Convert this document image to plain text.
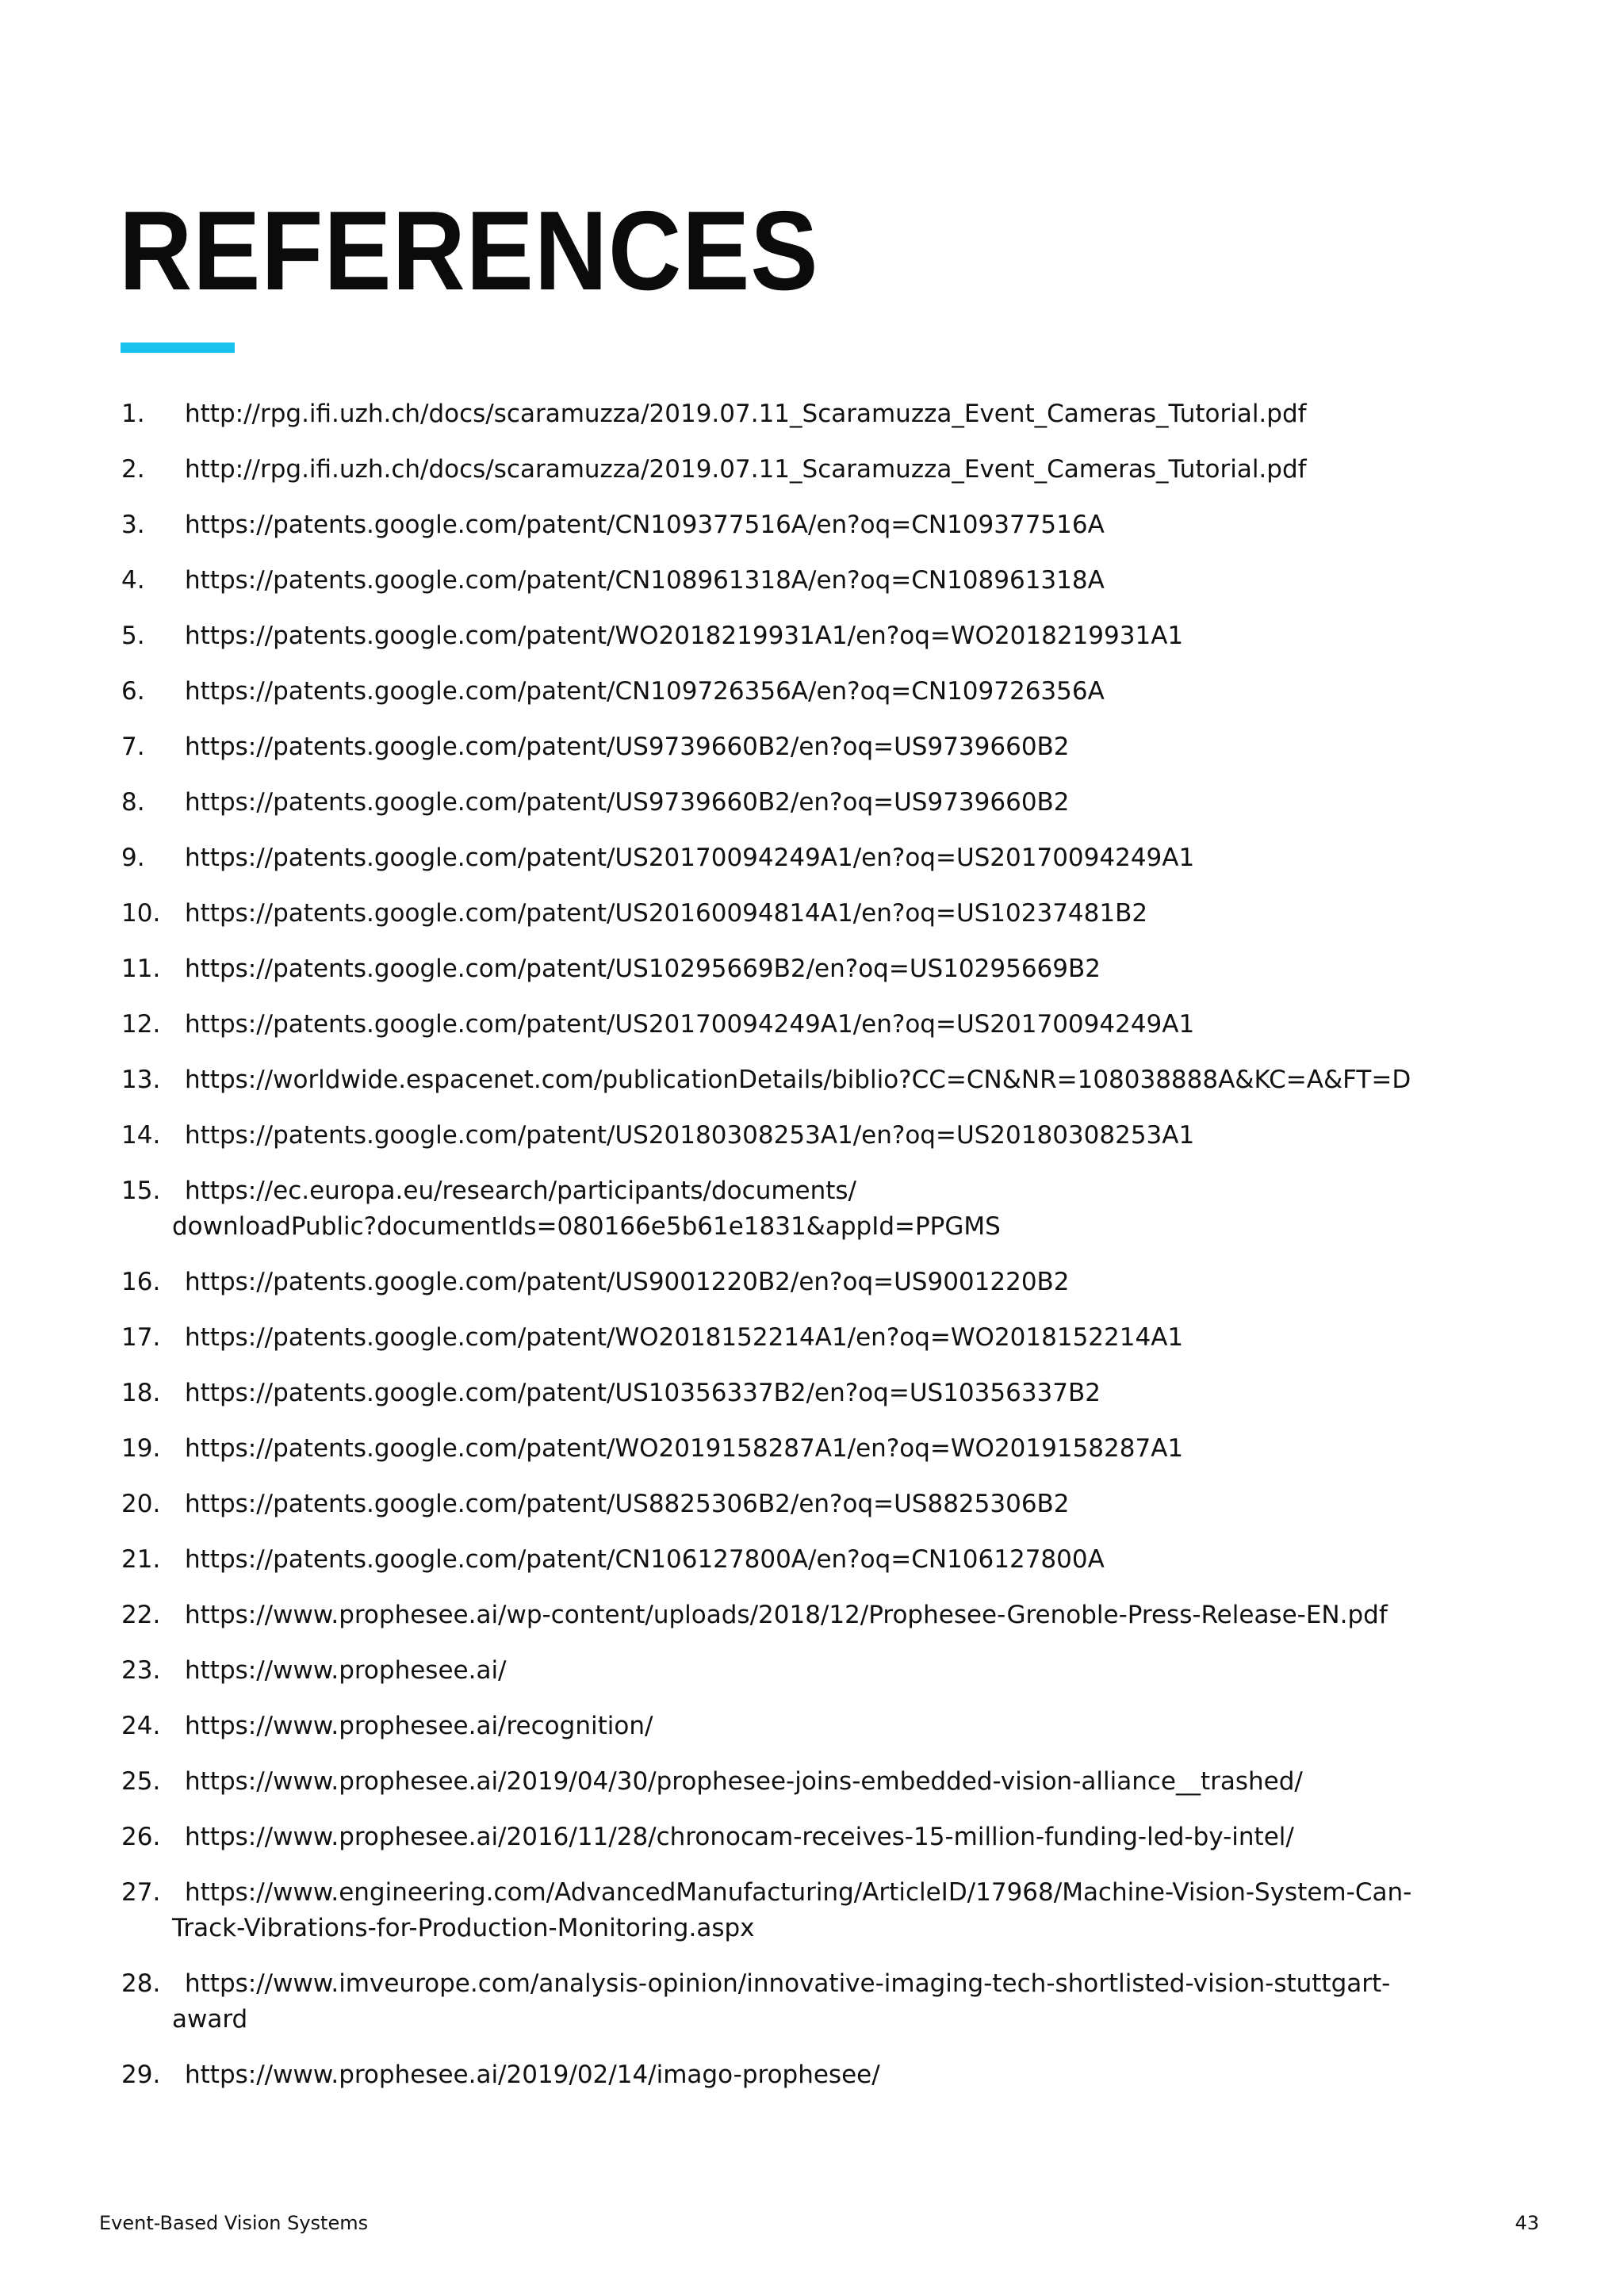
REFERENCES
1. http://rpg.ifi.uzh.ch/docs/scaramuzza/2019.07.11_Scaramuzza_Event_Cameras_Tutorial.pdf
2. http://rpg.ifi.uzh.ch/docs/scaramuzza/2019.07.11_Scaramuzza_Event_Cameras_Tutorial.pdf
3. https://patents.google.com/patent/CN109377516A/en?oq=CN109377516A
4. https://patents.google.com/patent/CN108961318A/en?oq=CN108961318A
5. https://patents.google.com/patent/WO2018219931A1/en?oq=WO2018219931A1
6. https://patents.google.com/patent/CN109726356A/en?oq=CN109726356A
7. https://patents.google.com/patent/US9739660B2/en?oq=US9739660B2
8. https://patents.google.com/patent/US9739660B2/en?oq=US9739660B2
9. https://patents.google.com/patent/US20170094249A1/en?oq=US20170094249A1
10. https://patents.google.com/patent/US20160094814A1/en?oq=US10237481B2
11. https://patents.google.com/patent/US10295669B2/en?oq=US10295669B2
12. https://patents.google.com/patent/US20170094249A1/en?oq=US20170094249A1
13. https://worldwide.espacenet.com/publicationDetails/biblio?CC=CN&NR=108038888A&KC=A&FT=D
14. https://patents.google.com/patent/US20180308253A1/en?oq=US20180308253A1
15. https://ec.europa.eu/research/participants/documents/
downloadPublic?documentIds=080166e5b61e1831&appId=PPGMS
16. https://patents.google.com/patent/US9001220B2/en?oq=US9001220B2
17. https://patents.google.com/patent/WO2018152214A1/en?oq=WO2018152214A1
18. https://patents.google.com/patent/US10356337B2/en?oq=US10356337B2
19. https://patents.google.com/patent/WO2019158287A1/en?oq=WO2019158287A1
20. https://patents.google.com/patent/US8825306B2/en?oq=US8825306B2
21. https://patents.google.com/patent/CN106127800A/en?oq=CN106127800A
22. https://www.prophesee.ai/wp-content/uploads/2018/12/Prophesee-Grenoble-Press-Release-EN.pdf
23. https://www.prophesee.ai/
24. https://www.prophesee.ai/recognition/
25. https://www.prophesee.ai/2019/04/30/prophesee-joins-embedded-vision-alliance__trashed/
26. https://www.prophesee.ai/2016/11/28/chronocam-receives-15-million-funding-led-by-intel/
27. https://www.engineering.com/AdvancedManufacturing/ArticleID/17968/Machine-Vision-System-Can-
Track-Vibrations-for-Production-Monitoring.aspx
28. https://www.imveurope.com/analysis-opinion/innovative-imaging-tech-shortlisted-vision-stuttgart-
award
29. https://www.prophesee.ai/2019/02/14/imago-prophesee/
Event-Based Vision Systems	43
